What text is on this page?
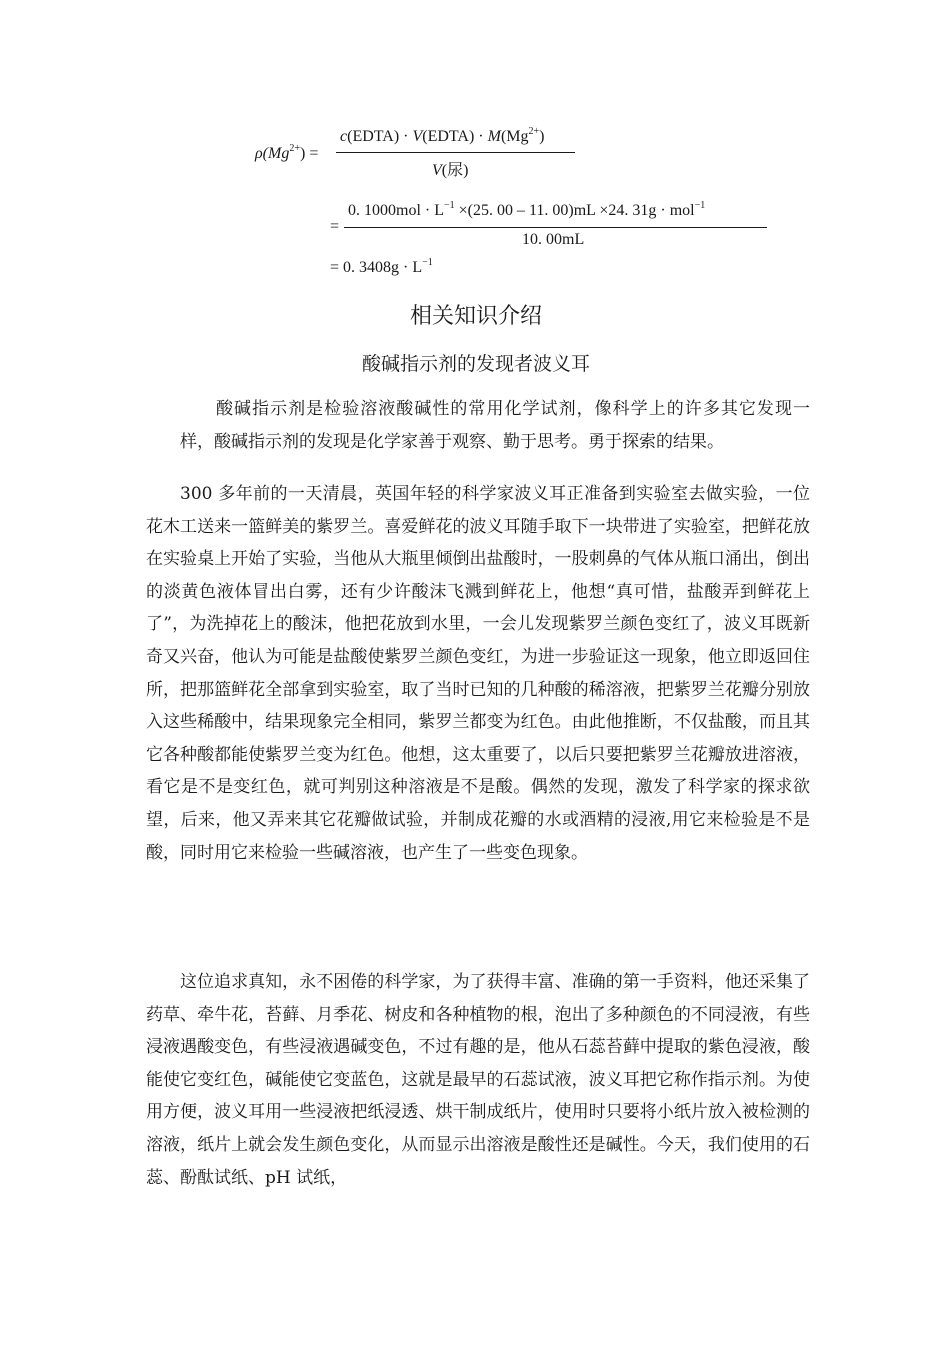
$\rho(Mg^{2+})$ =
c(EDTA) · V(EDTA) · $M(Mg^{2+})$
V(尿)
=
0. $1000mol \cdot L^{-1} \times(25$. 00 – 11. 00)mL ×24. 31g · mol$^{-1}$
10. 00mL
= 0. $3408g \cdot L^{-1}$
相关知识介绍
酸碱指示剂的发现者波义耳

酸碱指示剂是检验溶液酸碱性的常用化学试剂，像科学上的许多其它发现一样，酸碱指示剂的发现是化学家善于观察、勤于思考。勇于探索的结果。

300 多年前的一天清晨，英国年轻的科学家波义耳正准备到实验室去做实验，一位花木工送来一篮鲜美的紫罗兰。喜爱鲜花的波义耳随手取下一块带进了实验室，把鲜花放在实验桌上开始了实验，当他从大瓶里倾倒出盐酸时，一股刺鼻的气体从瓶口涌出，倒出的淡黄色液体冒出白雾，还有少许酸沫飞溅到鲜花上，他想“真可惜，盐酸弄到鲜花上了”，为洗掉花上的酸沫，他把花放到水里，一会儿发现紫罗兰颜色变红了，波义耳既新奇又兴奋，他认为可能是盐酸使紫罗兰颜色变红，为进一步验证这一现象，他立即返回住所，把那篮鲜花全部拿到实验室，取了当时已知的几种酸的稀溶液，把紫罗兰花瓣分别放入这些稀酸中，结果现象完全相同，紫罗兰都变为红色。由此他推断，不仅盐酸，而且其它各种酸都能使紫罗兰变为红色。他想，这太重要了，以后只要把紫罗兰花瓣放进溶液，看它是不是变红色，就可判别这种溶液是不是酸。偶然的发现，激发了科学家的探求欲望，后来，他又弄来其它花瓣做试验，并制成花瓣的水或酒精的浸液,用它来检验是不是酸，同时用它来检验一些碱溶液，也产生了一些变色现象。

这位追求真知，永不困倦的科学家，为了获得丰富、准确的第一手资料，他还采集了药草、牵牛花，苔藓、月季花、树皮和各种植物的根，泡出了多种颜色的不同浸液，有些浸液遇酸变色，有些浸液遇碱变色，不过有趣的是，他从石蕊苔藓中提取的紫色浸液，酸能使它变红色，碱能使它变蓝色，这就是最早的石蕊试液，波义耳把它称作指示剂。为使用方便，波义耳用一些浸液把纸浸透、烘干制成纸片，使用时只要将小纸片放入被检测的溶液，纸片上就会发生颜色变化，从而显示出溶液是酸性还是碱性。今天，我们使用的石蕊、酚酞试纸、pH 试纸，
